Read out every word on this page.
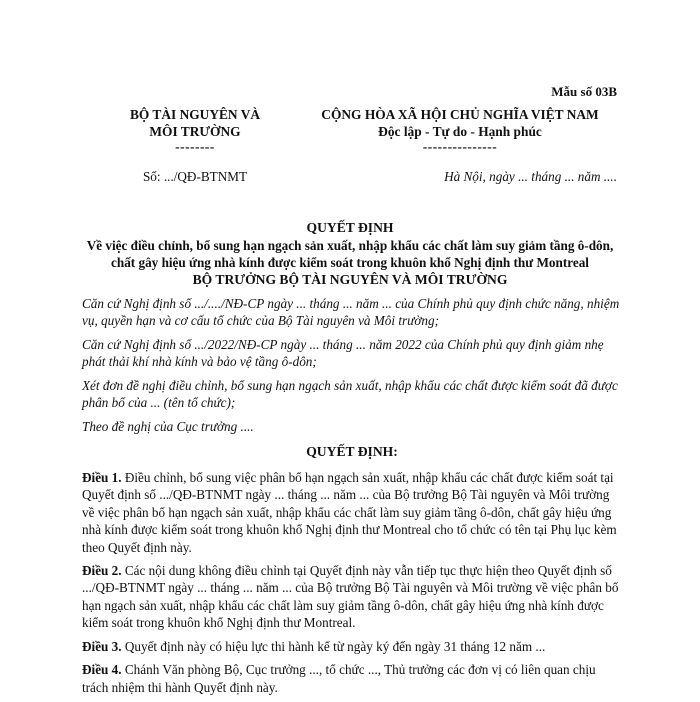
Mẫu số 03B
BỘ TÀI NGUYÊN VÀ
MÔI TRƯỜNG
--------
CỘNG HÒA XÃ HỘI CHỦ NGHĨA VIỆT NAM
Độc lập - Tự do - Hạnh phúc
---------------
Số: .../QĐ-BTNMT	Hà Nội, ngày ... tháng ... năm ....
QUYẾT ĐỊNH
Về việc điều chỉnh, bổ sung hạn ngạch sản xuất, nhập khẩu các chất làm suy giảm tầng ô-dôn, chất gây hiệu ứng nhà kính được kiểm soát trong khuôn khổ Nghị định thư Montreal
BỘ TRƯỞNG BỘ TÀI NGUYÊN VÀ MÔI TRƯỜNG

Căn cứ Nghị định số .../..../NĐ-CP ngày ... tháng ... năm ... của Chính phủ quy định chức năng, nhiệm vụ, quyền hạn và cơ cấu tổ chức của Bộ Tài nguyên và Môi trường;

Căn cứ Nghị định số .../2022/NĐ-CP ngày ... tháng ... năm 2022 của Chính phủ quy định giảm nhẹ phát thải khí nhà kính và bảo vệ tầng ô-dôn;

Xét đơn đề nghị điều chỉnh, bổ sung hạn ngạch sản xuất, nhập khẩu các chất được kiểm soát đã được phân bổ của ... (tên tổ chức);

Theo đề nghị của Cục trưởng ....

QUYẾT ĐỊNH:

Điều 1. Điều chỉnh, bổ sung việc phân bổ hạn ngạch sản xuất, nhập khẩu các chất được kiểm soát tại Quyết định số .../QĐ-BTNMT ngày ... tháng ... năm ... của Bộ trưởng Bộ Tài nguyên và Môi trường về việc phân bổ hạn ngạch sản xuất, nhập khẩu các chất làm suy giảm tầng ô-dôn, chất gây hiệu ứng nhà kính được kiểm soát trong khuôn khổ Nghị định thư Montreal cho tổ chức có tên tại Phụ lục kèm theo Quyết định này.

Điều 2. Các nội dung không điều chỉnh tại Quyết định này vẫn tiếp tục thực hiện theo Quyết định số .../QĐ-BTNMT ngày ... tháng ... năm ... của Bộ trưởng Bộ Tài nguyên và Môi trường về việc phân bổ hạn ngạch sản xuất, nhập khẩu các chất làm suy giảm tầng ô-dôn, chất gây hiệu ứng nhà kính được kiểm soát trong khuôn khổ Nghị định thư Montreal.

Điều 3. Quyết định này có hiệu lực thi hành kể từ ngày ký đến ngày 31 tháng 12 năm ...

Điều 4. Chánh Văn phòng Bộ, Cục trưởng ..., tổ chức ..., Thủ trưởng các đơn vị có liên quan chịu trách nhiệm thi hành Quyết định này.
